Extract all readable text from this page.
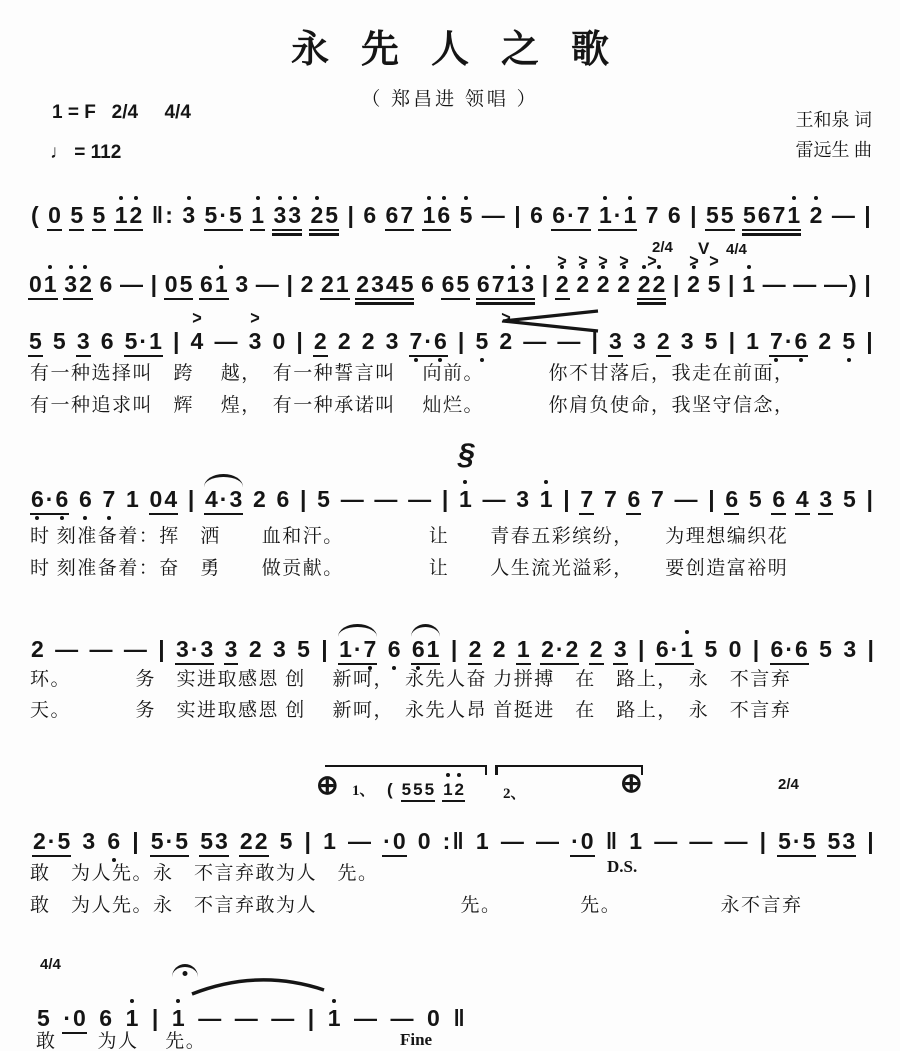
永先人之歌
（ 郑昌进 领唱 ）
1 = F   2/4     4/4
♩ = 112
王和泉 词
雷远生 曲
( 0 5 5 1 2 ‖ : 3 5 · 5 1 3 3 2 5 | 6 6 7 1 6 5 — | 6 6 · 7 1 · 1 7 6 | 5 5 5 6 7 1 2 — |
0 1 3 2 6 — | 0 5 6 1 3 — | 2 2 1 2 3 4 5 6 6 5 6 7 1 3 | 2
> 2
> 2
> 2
> 2 2
> | 2
> 5
> | 1 — — — ) |
5 5 3 6 5 · 1 | 4 > — 3
> 0 | 2 2 2 3 7 · 6 | 5 2 > — — | 3 3 2 3 5 | 1 7 · 6 2 5 |
6 · 6 6 7 1 0 4 | 4 · 3 2 6 | 5 — — — | 1 — 3 1 | 7 7 6 7 — | 6 5 6 4 3 5 |
2 — — — | 3 · 3 3 2 3 5 | 1 · 7 6 6 1 | 2 2 1 2 · 2 2 3 | 6 · 1 5 0 | 6 · 6 5 3 |
2 · 5 3 6 | 5 · 5 5 3 2 2 5 | 1 — · 0 0 : ‖ 1 — — · 0 ‖ 1 — — — | 5 · 5 5 3 |
5 · 0 6 1 | 1 — — — | 1 — — 0 ‖
2/4 V 4/4
§
有一种选择叫　跨　 越，　有一种誓言叫　 向前。　　　  你不甘落后，我走在前面，
有一种追求叫　辉　 煌，　有一种承诺叫　 灿烂。　　　  你肩负使命，我坚守信念，
时 刻准备着：挥　洒　　血和汗。　　　　  让　　青春五彩缤纷，　　为理想编织花
时 刻准备着：奋　勇　　做贡献。　　　　  让　　人生流光溢彩，　　要创造富裕明
环。　　　  务　实进取感恩 创　 新呵，　永先人奋 力拼搏　在　路上，　永　不言弃
天。　　　  务　实进取感恩 创　 新呵，　永先人昂 首挺进　在　路上，　永　不言弃
敢　为人先。永　不言弃敢为人　先。
敢　为人先。永　不言弃敢为人　　　　　　　先。　　　　 先。　　　　　 永不言弃
敢　　为人　 先。
⊕ 1、 ( 5 5 5 1 2	2、	⊕	2/4
D.S.
4/4
Fine
